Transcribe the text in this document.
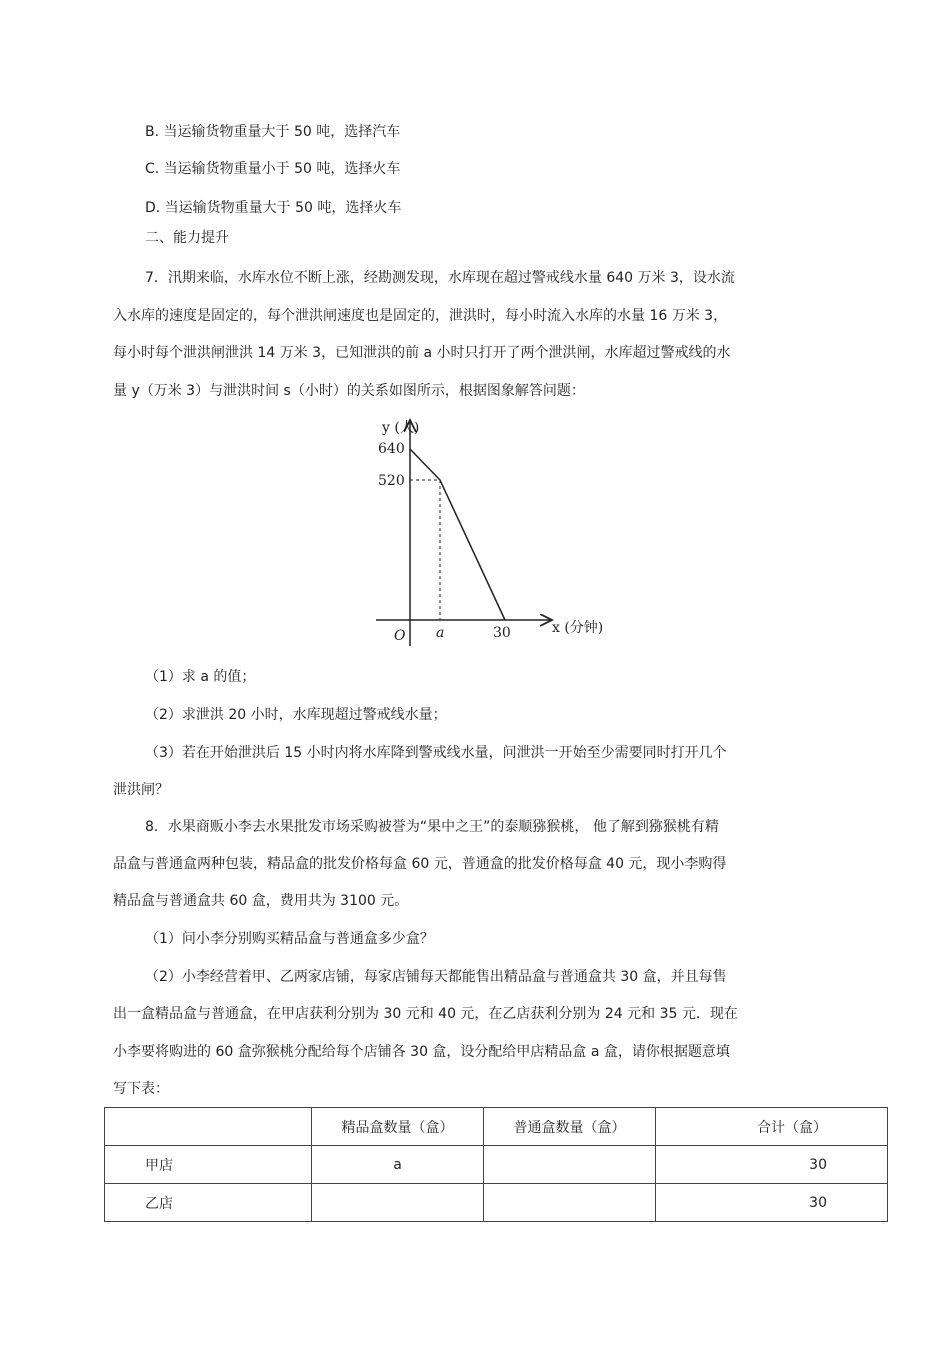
B. 当运输货物重量大于 50 吨，选择汽车
C. 当运输货物重量小于 50 吨，选择火车
D. 当运输货物重量大于 50 吨，选择火车
二、能力提升
7．汛期来临，水库水位不断上涨，经勘测发现，水库现在超过警戒线水量 640 万米 3，设水流
入水库的速度是固定的，每个泄洪闸速度也是固定的，泄洪时，每小时流入水库的水量 16 万米 3，
每小时每个泄洪闸泄洪 14 万米 3，已知泄洪的前 a 小时只打开了两个泄洪闸，水库超过警戒线的水
量 y（万米 3）与泄洪时间 s（小时）的关系如图所示，根据图象解答问题：
y (人)
640
520
O a	30	x (分钟)
（1）求 a 的值；
（2）求泄洪 20 小时，水库现超过警戒线水量；
（3）若在开始泄洪后 15 小时内将水库降到警戒线水量，问泄洪一开始至少需要同时打开几个
泄洪闸？
8．水果商贩小李去水果批发市场采购被誉为“果中之王”的泰顺猕猴桃， 他了解到猕猴桃有精
品盒与普通盒两种包装，精品盒的批发价格每盒 60 元，普通盒的批发价格每盒 40 元，现小李购得
精品盒与普通盒共 60 盒，费用共为 3100 元。
（1）问小李分别购买精品盒与普通盒多少盒？
（2）小李经营着甲、乙两家店铺，每家店铺每天都能售出精品盒与普通盒共 30 盒，并且每售
出一盒精品盒与普通盒，在甲店获利分别为 30 元和 40 元，在乙店获利分别为 24 元和 35 元．现在
小李要将购进的 60 盒弥猴桃分配给每个店铺各 30 盒，设分配给甲店精品盒 a 盒，请你根据题意填
写下表：
	精品盒数量（盒）	普通盒数量（盒）	合计（盒）
甲店	a		30
乙店			30
